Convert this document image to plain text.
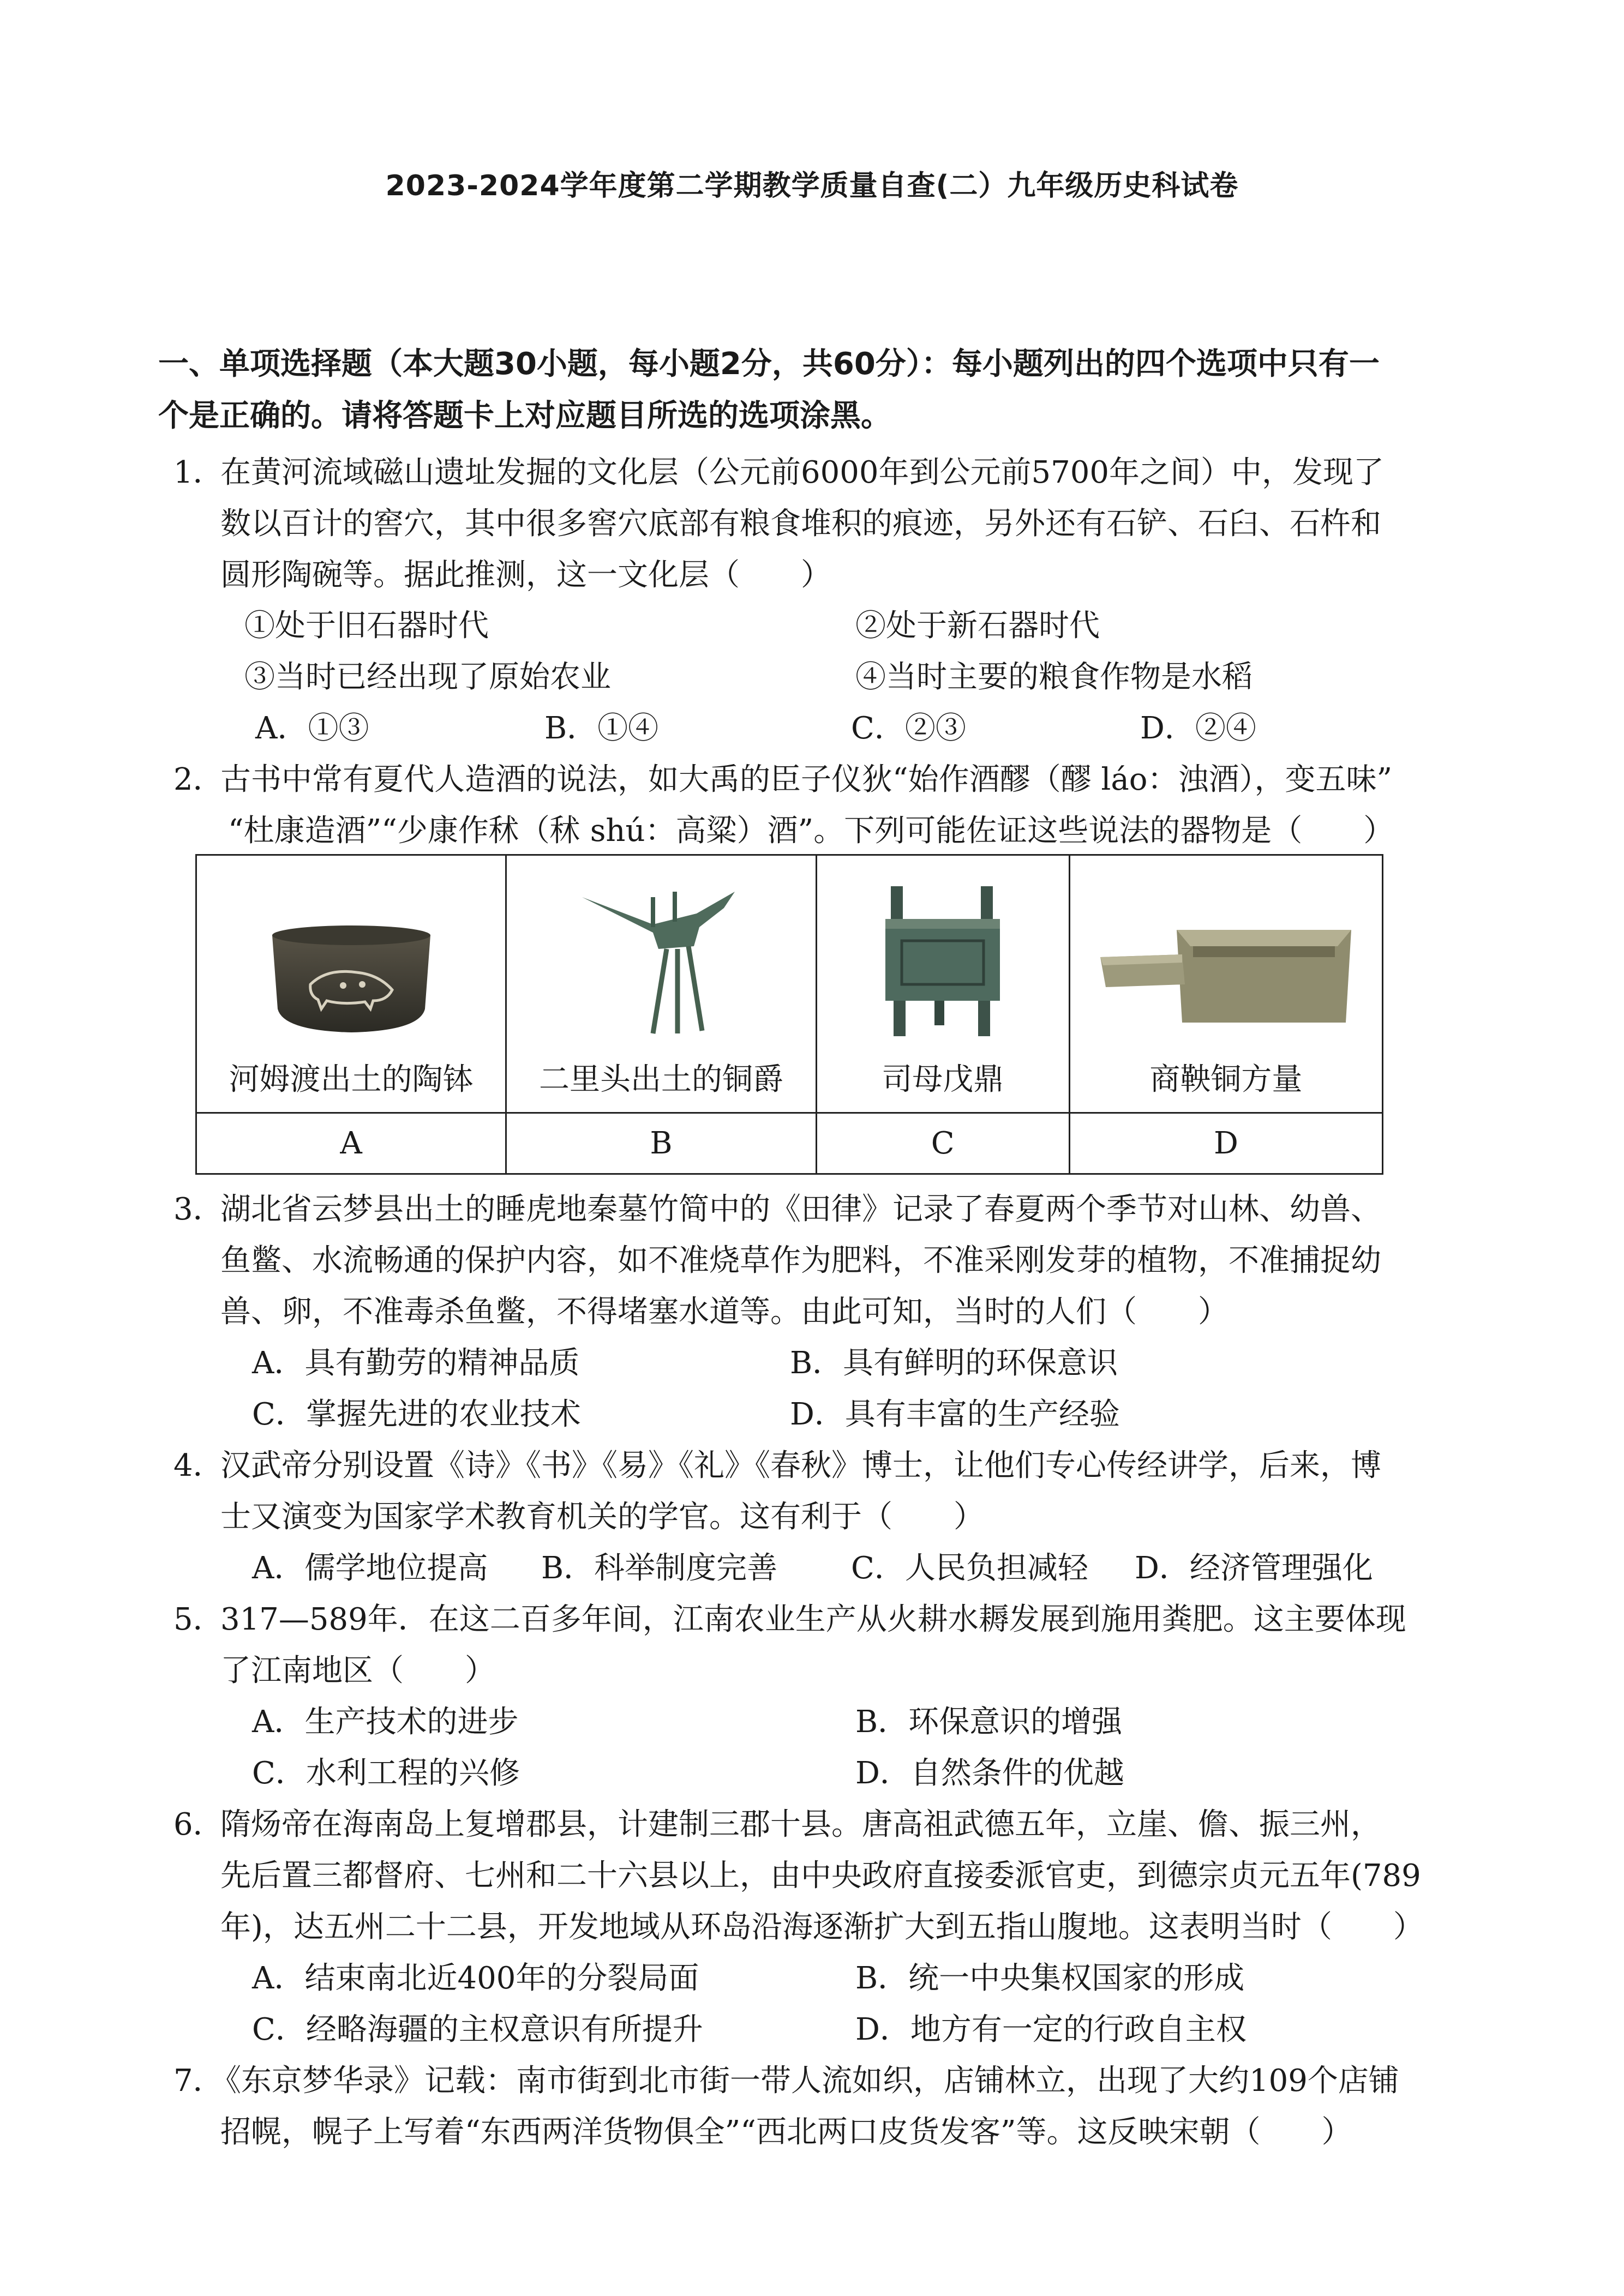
2023-2024学年度第二学期教学质量自查(二）九年级历史科试卷
一、单项选择题（本大题30小题，每小题2分，共60分）：每小题列出的四个选项中只有一
个是正确的。请将答题卡上对应题目所选的选项涂黑。
1．
在黄河流域磁山遗址发掘的文化层（公元前6000年到公元前5700年之间）中，发现了
数以百计的窖穴，其中很多窖穴底部有粮食堆积的痕迹，另外还有石铲、石臼、石杵和
圆形陶碗等。据此推测，这一文化层（　　）
①处于旧石器时代	②处于新石器时代
③当时已经出现了原始农业	④当时主要的粮食作物是水稻
A．①③	B．①④	C．②③	D．②④
2．
古书中常有夏代人造酒的说法，如大禹的臣子仪狄“始作酒醪（醪 láo：浊酒），变五味”
“杜康造酒”“少康作秫（秫 shú：高粱）酒”。下列可能佐证这些说法的器物是（　　）
河姆渡出土的陶钵	二里头出土的铜爵	司母戊鼎	商鞅铜方量

A	B	C	D
3．
湖北省云梦县出土的睡虎地秦墓竹简中的《田律》记录了春夏两个季节对山林、幼兽、
鱼鳖、水流畅通的保护内容，如不准烧草作为肥料，不准采刚发芽的植物，不准捕捉幼
兽、卵，不准毒杀鱼鳖，不得堵塞水道等。由此可知，当时的人们（　　）
A．具有勤劳的精神品质	B．具有鲜明的环保意识
C．掌握先进的农业技术	D．具有丰富的生产经验
4．
汉武帝分别设置《诗》《书》《易》《礼》《春秋》博士，让他们专心传经讲学，后来，博
士又演变为国家学术教育机关的学官。这有利于（　　）
A．儒学地位提高 B．科举制度完善 C．人民负担减轻 D．经济管理强化
5．
317—589年．在这二百多年间，江南农业生产从火耕水耨发展到施用粪肥。这主要体现
了江南地区（　　）
A．生产技术的进步	B．环保意识的增强
C．水利工程的兴修	D．自然条件的优越
6．
隋炀帝在海南岛上复增郡县，计建制三郡十县。唐高祖武德五年，立崖、儋、振三州，
先后置三都督府、七州和二十六县以上，由中央政府直接委派官吏，到德宗贞元五年(789
年)，达五州二十二县，开发地域从环岛沿海逐渐扩大到五指山腹地。这表明当时（　　）
A．结束南北近400年的分裂局面	B．统一中央集权国家的形成
C．经略海疆的主权意识有所提升	D．地方有一定的行政自主权
7．
《东京梦华录》记载：南市街到北市街一带人流如织，店铺林立，出现了大约109个店铺
招幌，幌子上写着“东西两洋货物俱全”“西北两口皮货发客”等。这反映宋朝（　　）
